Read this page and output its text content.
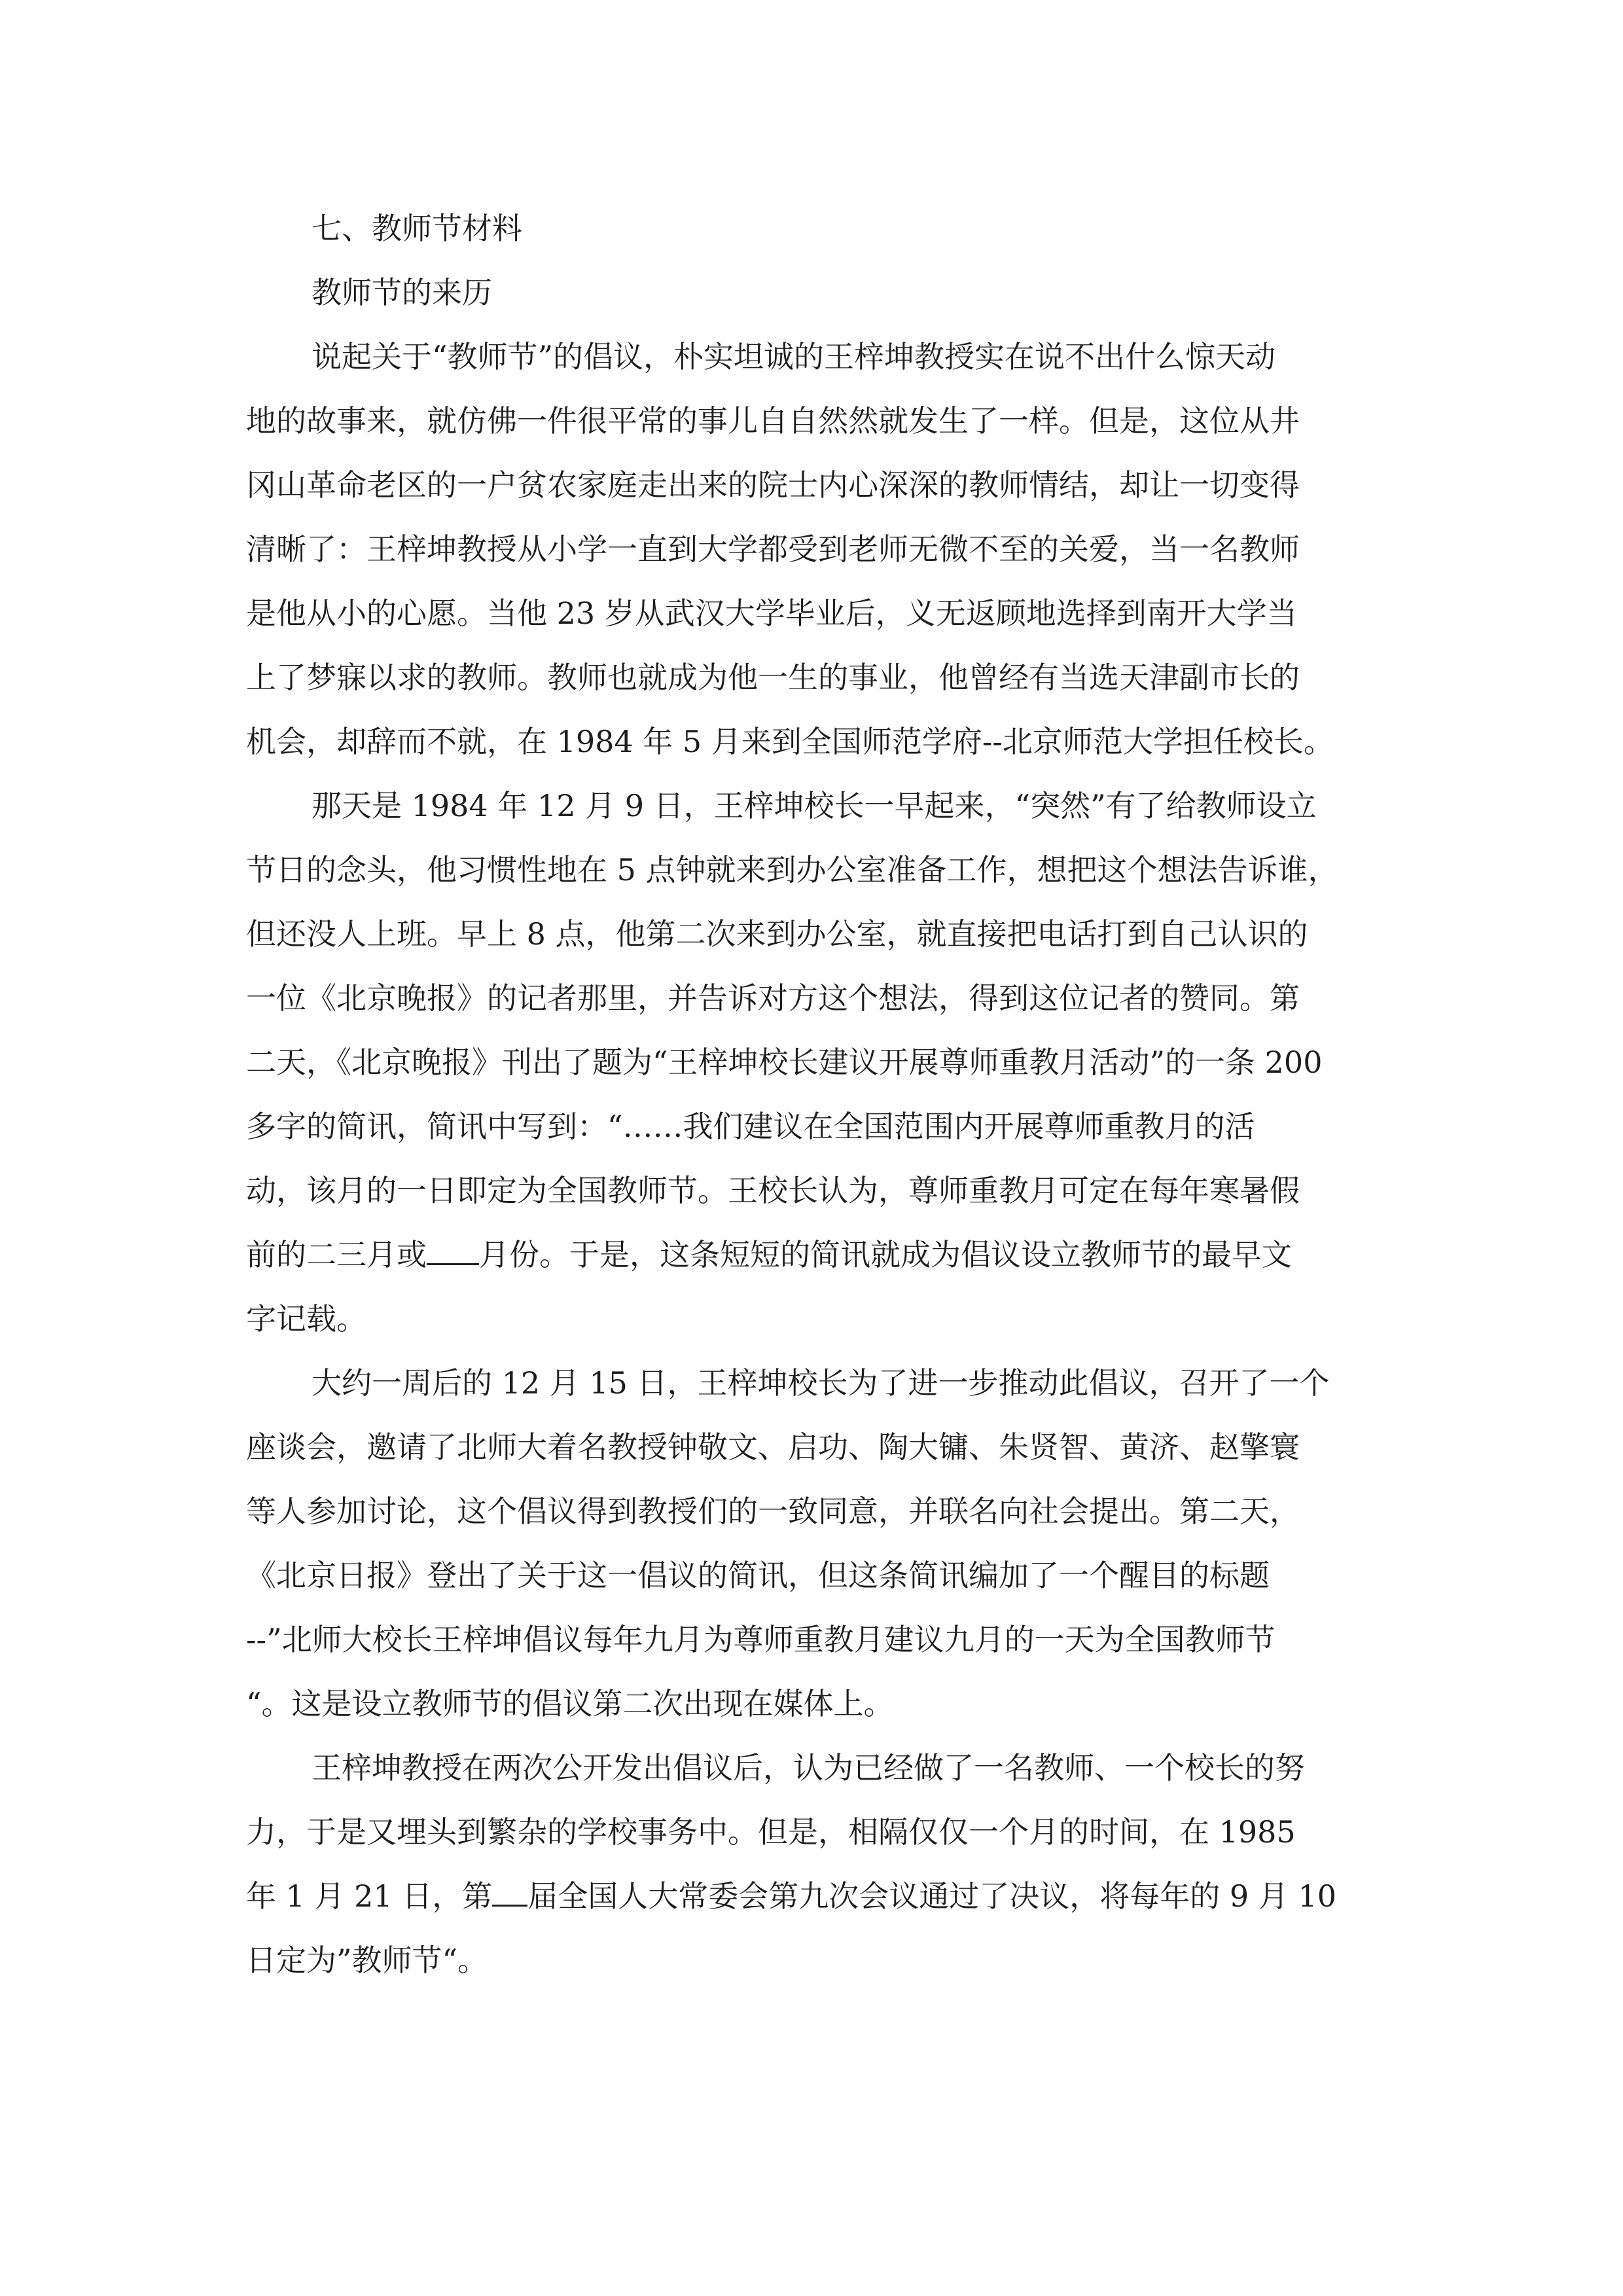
七、教师节材料
教师节的来历
说起关于“教师节”的倡议，朴实坦诚的王梓坤教授实在说不出什么惊天动
地的故事来，就仿佛一件很平常的事儿自自然然就发生了一样。但是，这位从井
冈山革命老区的一户贫农家庭走出来的院士内心深深的教师情结，却让一切变得
清晰了：王梓坤教授从小学一直到大学都受到老师无微不至的关爱，当一名教师
是他从小的心愿。当他 23 岁从武汉大学毕业后，义无返顾地选择到南开大学当
上了梦寐以求的教师。教师也就成为他一生的事业，他曾经有当选天津副市长的
机会，却辞而不就，在 1984 年 5 月来到全国师范学府--北京师范大学担任校长。
那天是 1984 年 12 月 9 日，王梓坤校长一早起来，“突然”有了给教师设立
节日的念头，他习惯性地在 5 点钟就来到办公室准备工作，想把这个想法告诉谁，
但还没人上班。早上 8 点，他第二次来到办公室，就直接把电话打到自己认识的
一位《北京晚报》的记者那里，并告诉对方这个想法，得到这位记者的赞同。第
二天，《北京晚报》刊出了题为“王梓坤校长建议开展尊师重教月活动”的一条 200
多字的简讯，简讯中写到：“……我们建议在全国范围内开展尊师重教月的活
动，该月的一日即定为全国教师节。王校长认为，尊师重教月可定在每年寒暑假
前的二三月或 月份。于是，这条短短的简讯就成为倡议设立教师节的最早文
字记载。
大约一周后的 12 月 15 日，王梓坤校长为了进一步推动此倡议，召开了一个
座谈会，邀请了北师大着名教授钟敬文、启功、陶大镛、朱贤智、黄济、赵擎寰
等人参加讨论，这个倡议得到教授们的一致同意，并联名向社会提出。第二天，
《北京日报》登出了关于这一倡议的简讯，但这条简讯编加了一个醒目的标题
--”北师大校长王梓坤倡议每年九月为尊师重教月建议九月的一天为全国教师节
“。这是设立教师节的倡议第二次出现在媒体上。
王梓坤教授在两次公开发出倡议后，认为已经做了一名教师、一个校长的努
力，于是又埋头到繁杂的学校事务中。但是，相隔仅仅一个月的时间，在 1985
年 1 月 21 日，第 届全国人大常委会第九次会议通过了决议，将每年的 9 月 10
日定为”教师节“。
